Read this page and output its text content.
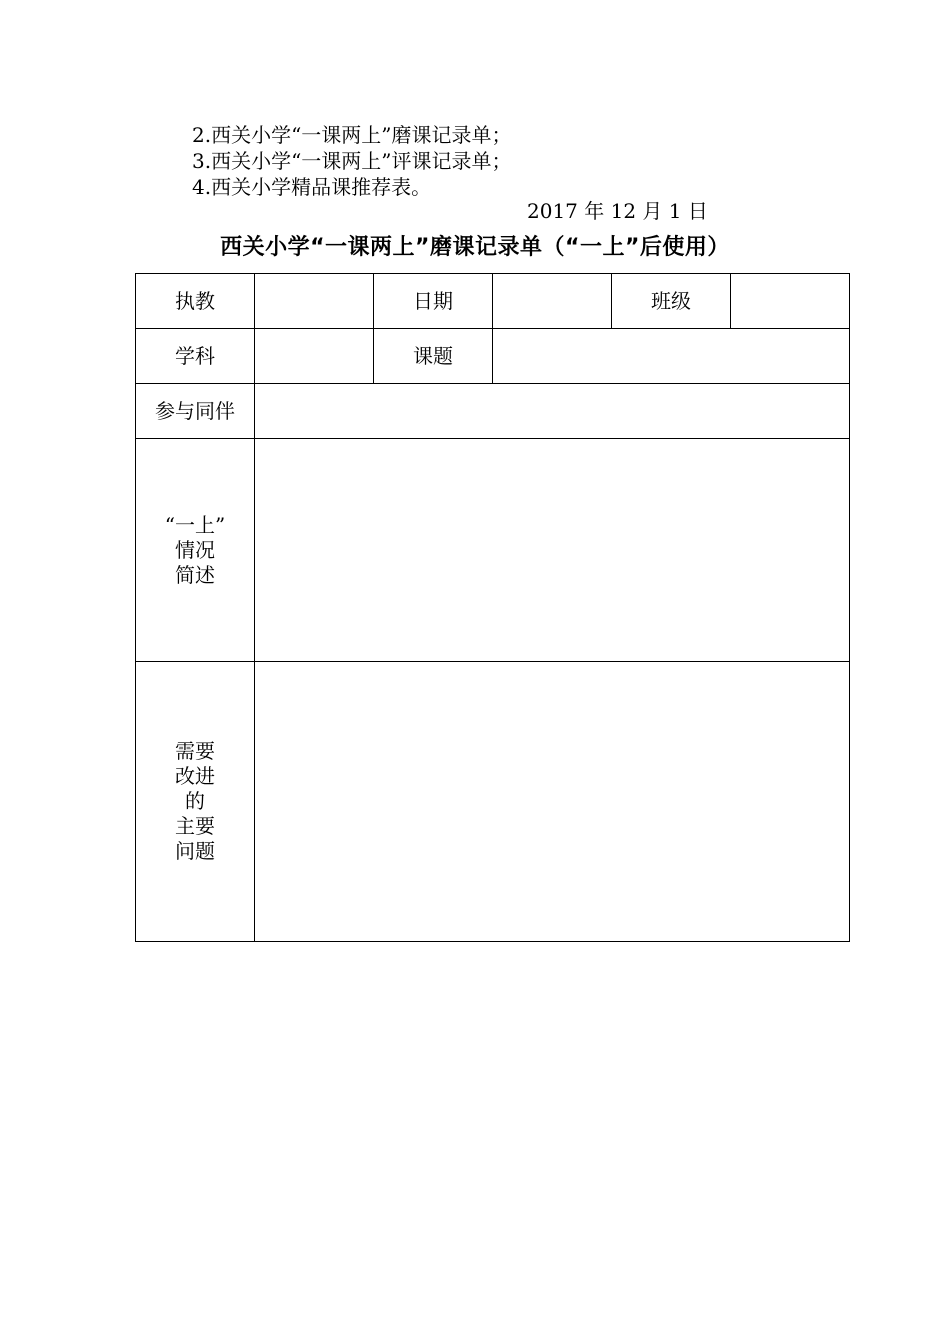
2.西关小学“一课两上”磨课记录单；
3.西关小学“一课两上”评课记录单；
4.西关小学精品课推荐表。
2017 年 12 月 1 日
西关小学“一课两上”磨课记录单（“一上”后使用）
执教		日期		班级	
学科		课题			
参与同伴					
“一上”
情况
简述					
需要
改进
的
主要
问题					
